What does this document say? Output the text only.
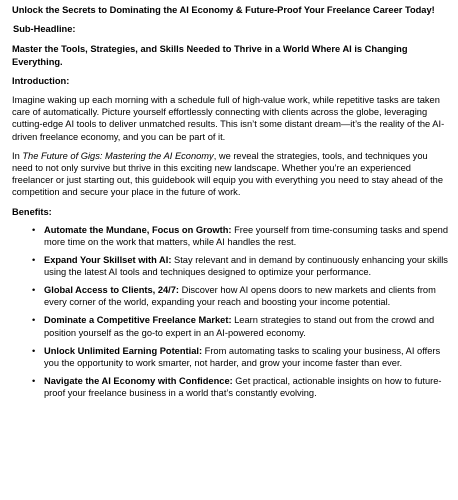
Unlock the Secrets to Dominating the AI Economy & Future-Proof Your Freelance Career Today!
Sub-Headline:
Master the Tools, Strategies, and Skills Needed to Thrive in a World Where AI is Changing Everything.
Introduction:

Imagine waking up each morning with a schedule full of high-value work, while repetitive tasks are taken care of automatically. Picture yourself effortlessly connecting with clients across the globe, leveraging cutting-edge AI tools to deliver unmatched results. This isn’t some distant dream—it’s the reality of the AI-driven freelance economy, and you can be part of it.

In The Future of Gigs: Mastering the AI Economy, we reveal the strategies, tools, and techniques you need to not only survive but thrive in this exciting new landscape. Whether you’re an experienced freelancer or just starting out, this guidebook will equip you with everything you need to stay ahead of the competition and secure your place in the future of work.

Benefits:
• Automate the Mundane, Focus on Growth: Free yourself from time-consuming tasks and spend more time on the work that matters, while AI handles the rest.
• Expand Your Skillset with AI: Stay relevant and in demand by continuously enhancing your skills using the latest AI tools and techniques designed to optimize your performance.
• Global Access to Clients, 24/7: Discover how AI opens doors to new markets and clients from every corner of the world, expanding your reach and boosting your income potential.
• Dominate a Competitive Freelance Market: Learn strategies to stand out from the crowd and position yourself as the go-to expert in an AI-powered economy.
• Unlock Unlimited Earning Potential: From automating tasks to scaling your business, AI offers you the opportunity to work smarter, not harder, and grow your income faster than ever.
• Navigate the AI Economy with Confidence: Get practical, actionable insights on how to future-proof your freelance business in a world that’s constantly evolving.
